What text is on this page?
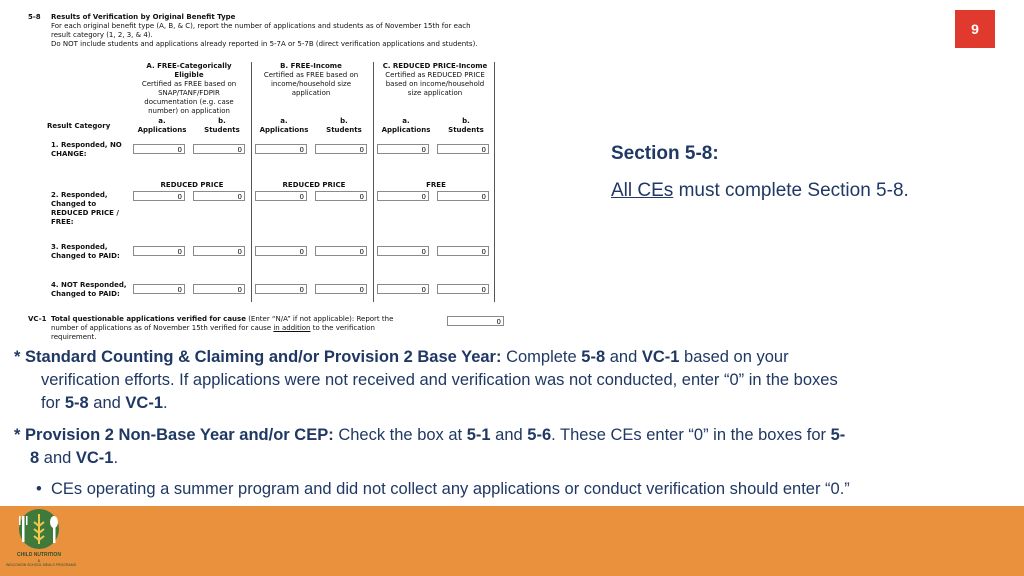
9
5-8 Results of Verification by Original Benefit Type
For each original benefit type (A, B, & C), report the number of applications and students as of November 15th for each
result category (1, 2, 3, & 4).
Do NOT include students and applications already reported in 5-7A or 5-7B (direct verification applications and students).
A. FREE-Categorically
Eligible
Certified as FREE based on
SNAP/TANF/FDPIR
documentation (e.g. case
number) on application
B. FREE-Income
Certified as FREE based on
income/household size
application
C. REDUCED PRICE-Income
Certified as REDUCED PRICE
based on income/household
size application
Result Category
a.
Applications
b.
Students
a.
Applications
b.
Students
a.
Applications
b.
Students
1. Responded, NO
CHANGE:	0	0	0	0	0	0
REDUCED PRICE	REDUCED PRICE	FREE
2. Responded,
Changed to
REDUCED PRICE /
FREE:
0	0	0	0	0	0
3. Responded,
Changed to PAID:	0	0	0	0	0	0
4. NOT Responded,
Changed to PAID:	0	0	0	0	0	0
VC-1 Total questionable applications verified for cause (Enter “N/A” if not applicable): Report the
number of applications as of November 15th verified for cause in addition to the verification
requirement.
0
Section 5-8:
All CEs must complete Section 5-8.
* Standard Counting & Claiming and/or Provision 2 Base Year: Complete 5-8 and VC-1 based on your
verification efforts. If applications were not received and verification was not conducted, enter “0” in the boxes
for 5-8 and VC-1.
* Provision 2 Non-Base Year and/or CEP: Check the box at 5-1 and 5-6. These CEs enter “0” in the boxes for 5-
8 and VC-1.
• CEs operating a summer program and did not collect any applications or conduct verification should enter “0.”
CHILD NUTRITION
&
WISCONSIN SCHOOL MEALS PROGRAMS
